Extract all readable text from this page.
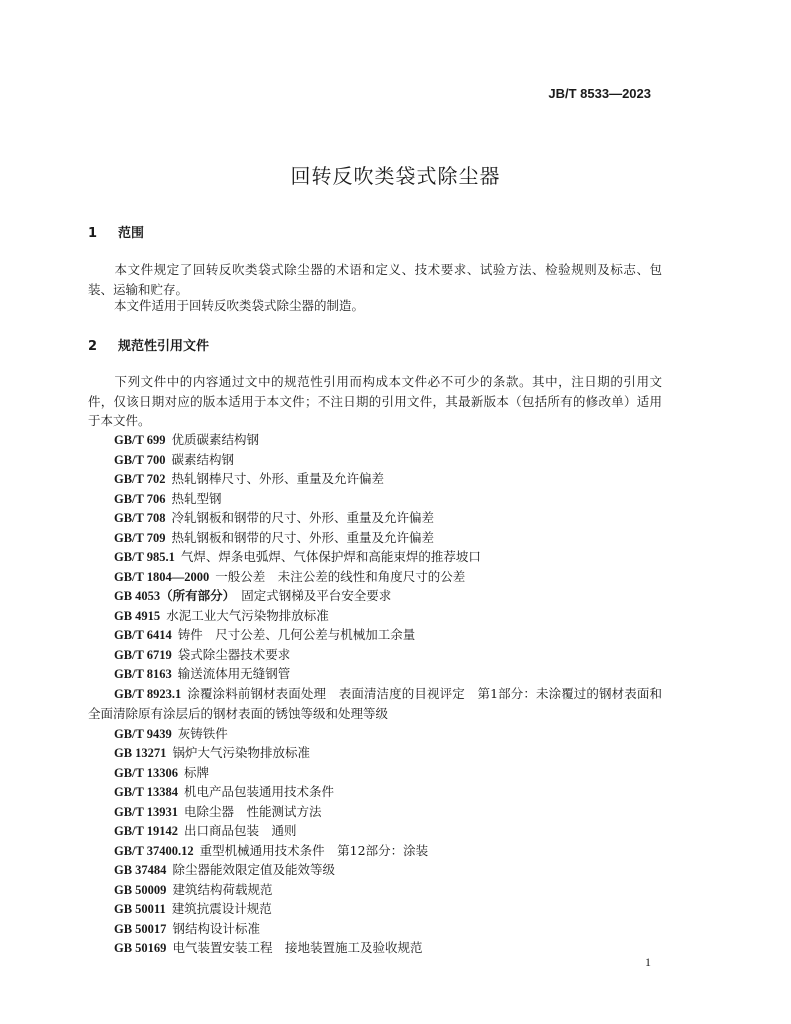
JB/T 8533—2023
回转反吹类袋式除尘器
1 范围
本文件规定了回转反吹类袋式除尘器的术语和定义、技术要求、试验方法、检验规则及标志、包装、运输和贮存。
本文件适用于回转反吹类袋式除尘器的制造。
2 规范性引用文件
下列文件中的内容通过文中的规范性引用而构成本文件必不可少的条款。其中，注日期的引用文件，仅该日期对应的版本适用于本文件；不注日期的引用文件，其最新版本（包括所有的修改单）适用于本文件。
GB/T 699 优质碳素结构钢
GB/T 700 碳素结构钢
GB/T 702 热轧钢棒尺寸、外形、重量及允许偏差
GB/T 706 热轧型钢
GB/T 708 冷轧钢板和钢带的尺寸、外形、重量及允许偏差
GB/T 709 热轧钢板和钢带的尺寸、外形、重量及允许偏差
GB/T 985.1 气焊、焊条电弧焊、气体保护焊和高能束焊的推荐坡口
GB/T 1804—2000 一般公差　未注公差的线性和角度尺寸的公差
GB 4053（所有部分） 固定式钢梯及平台安全要求
GB 4915 水泥工业大气污染物排放标准
GB/T 6414 铸件　尺寸公差、几何公差与机械加工余量
GB/T 6719 袋式除尘器技术要求
GB/T 8163 输送流体用无缝钢管
GB/T 8923.1 涂覆涂料前钢材表面处理　表面清洁度的目视评定　第1部分：未涂覆过的钢材表面和全面清除原有涂层后的钢材表面的锈蚀等级和处理等级
GB/T 9439 灰铸铁件
GB 13271 锅炉大气污染物排放标准
GB/T 13306 标牌
GB/T 13384 机电产品包装通用技术条件
GB/T 13931 电除尘器　性能测试方法
GB/T 19142 出口商品包装　通则
GB/T 37400.12 重型机械通用技术条件　第12部分：涂装
GB 37484 除尘器能效限定值及能效等级
GB 50009 建筑结构荷载规范
GB 50011 建筑抗震设计规范
GB 50017 钢结构设计标准
GB 50169 电气装置安装工程　接地装置施工及验收规范
1
